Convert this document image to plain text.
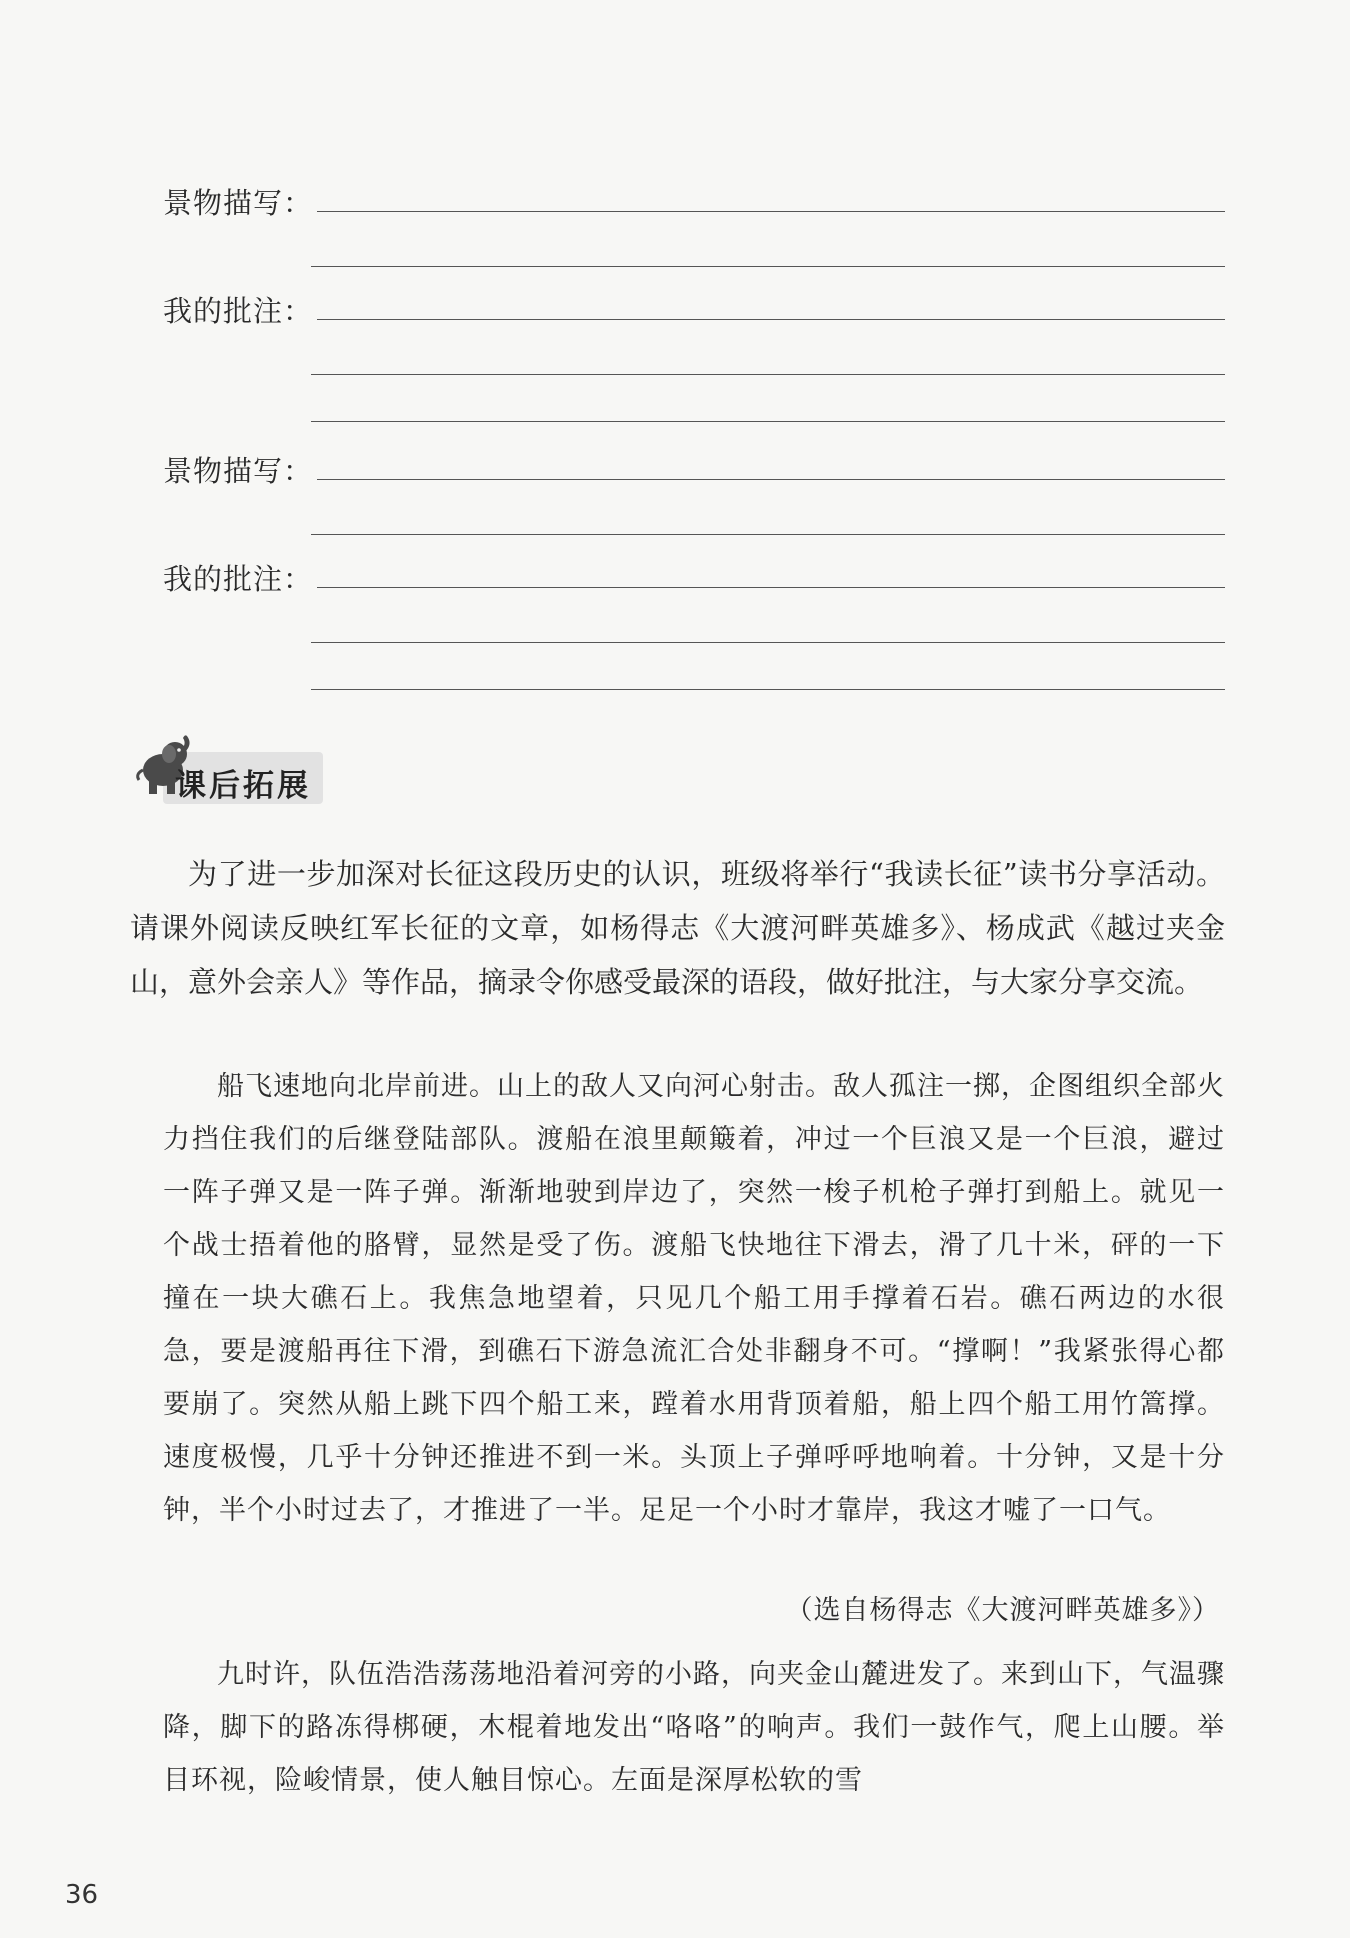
景物描写：
我的批注：
景物描写：
我的批注：
课后拓展

为了进一步加深对长征这段历史的认识，班级将举行“我读长征”读书分享活动。请课外阅读反映红军长征的文章，如杨得志《大渡河畔英雄多》、杨成武《越过夹金山，意外会亲人》等作品，摘录令你感受最深的语段，做好批注，与大家分享交流。

船飞速地向北岸前进。山上的敌人又向河心射击。敌人孤注一掷，企图组织全部火力挡住我们的后继登陆部队。渡船在浪里颠簸着，冲过一个巨浪又是一个巨浪，避过一阵子弹又是一阵子弹。渐渐地驶到岸边了，突然一梭子机枪子弹打到船上。就见一个战士捂着他的胳臂，显然是受了伤。渡船飞快地往下滑去，滑了几十米，砰的一下撞在一块大礁石上。我焦急地望着，只见几个船工用手撑着石岩。礁石两边的水很急，要是渡船再往下滑，到礁石下游急流汇合处非翻身不可。“撑啊！”我紧张得心都要崩了。突然从船上跳下四个船工来，蹚着水用背顶着船，船上四个船工用竹篙撑。速度极慢，几乎十分钟还推进不到一米。头顶上子弹呼呼地响着。十分钟，又是十分钟，半个小时过去了，才推进了一半。足足一个小时才靠岸，我这才嘘了一口气。

（选自杨得志《大渡河畔英雄多》）

九时许，队伍浩浩荡荡地沿着河旁的小路，向夹金山麓进发了。来到山下，气温骤降，脚下的路冻得梆硬，木棍着地发出“咯咯”的响声。我们一鼓作气，爬上山腰。举目环视，险峻情景，使人触目惊心。左面是深厚松软的雪

36
